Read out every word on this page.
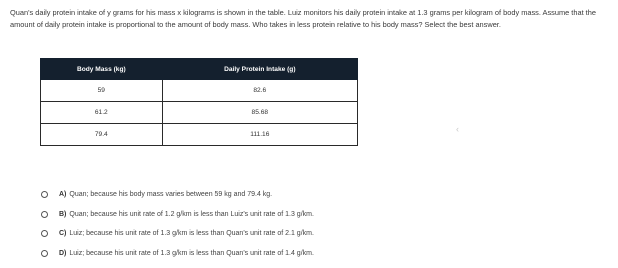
Quan's daily protein intake of y grams for his mass x kilograms is shown in the table. Luiz monitors his daily protein intake at 1.3 grams per kilogram of body mass. Assume that the amount of daily protein intake is proportional to the amount of body mass. Who takes in less protein relative to his body mass? Select the best answer.

Body Mass (kg)	Daily Protein Intake (g)
59	82.6
61.2	85.68
79.4	111.16
‹
A) Quan; because his body mass varies between 59 kg and 79.4 kg.
B) Quan; because his unit rate of 1.2 g/km is less than Luiz's unit rate of 1.3 g/km.
C) Luiz; because his unit rate of 1.3 g/km is less than Quan's unit rate of 2.1 g/km.
D) Luiz; because his unit rate of 1.3 g/km is less than Quan's unit rate of 1.4 g/km.
